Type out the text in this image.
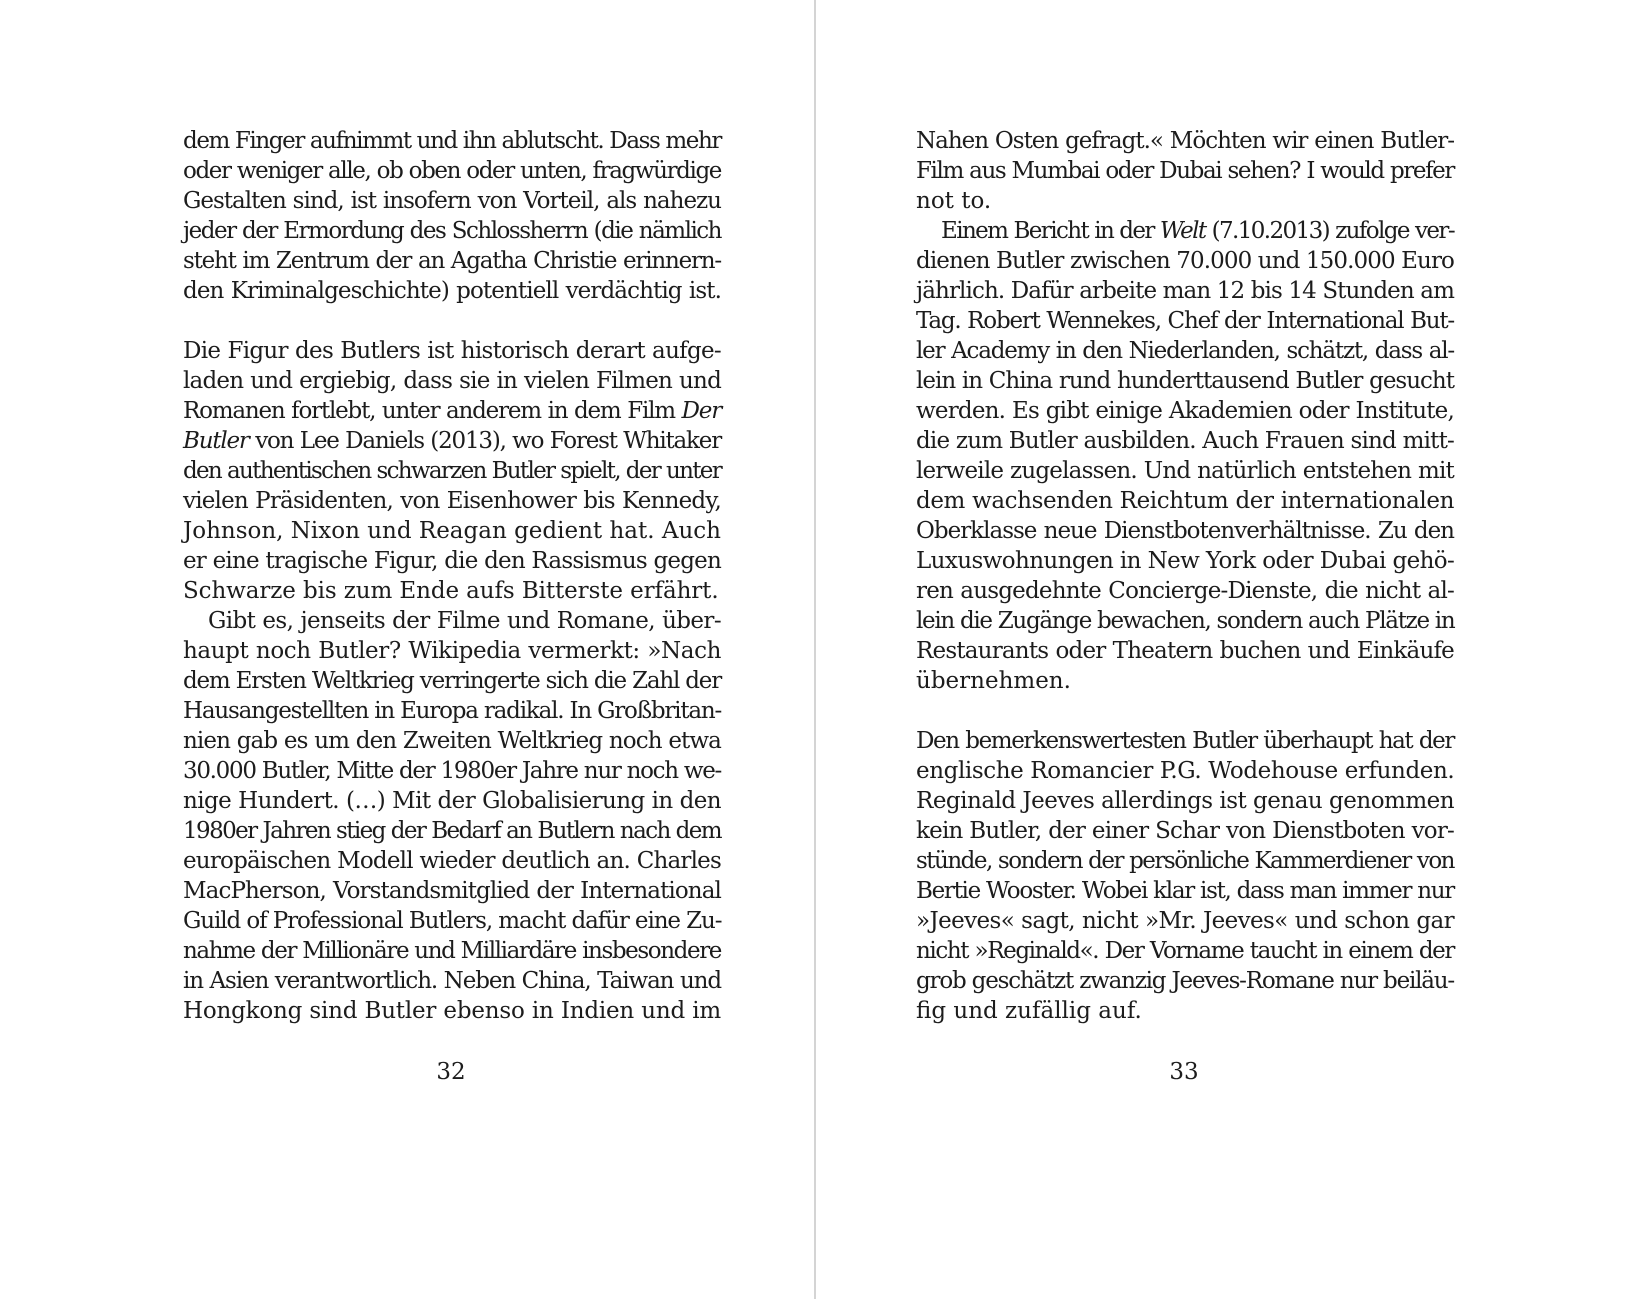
dem Finger aufnimmt und ihn ablutscht. Dass mehr
oder weniger alle, ob oben oder unten, fragwürdige
Gestalten sind, ist insofern von Vorteil, als nahezu
jeder der Ermordung des Schlossherrn (die nämlich
steht im Zentrum der an Agatha Christie erinnern-
den Kriminalgeschichte) potentiell verdächtig ist.
Die Figur des Butlers ist historisch derart aufge-
laden und ergiebig, dass sie in vielen Filmen und
Romanen fortlebt, unter anderem in dem Film Der
Butler von Lee Daniels (2013), wo Forest Whitaker
den authentischen schwarzen Butler spielt, der unter
vielen Präsidenten, von Eisenhower bis Kennedy,
Johnson, Nixon und Reagan gedient hat. Auch
er eine tragische Figur, die den Rassismus gegen
Schwarze bis zum Ende aufs Bitterste erfährt.
Gibt es, jenseits der Filme und Romane, über-
haupt noch Butler? Wikipedia vermerkt: »Nach
dem Ersten Weltkrieg verringerte sich die Zahl der
Hausangestellten in Europa radikal. In Großbritan-
nien gab es um den Zweiten Weltkrieg noch etwa
30.000 Butler, Mitte der 1980er Jahre nur noch we-
nige Hundert. (…) Mit der Globalisierung in den
1980er Jahren stieg der Bedarf an Butlern nach dem
europäischen Modell wieder deutlich an. Charles
MacPherson, Vorstandsmitglied der International
Guild of Professional Butlers, macht dafür eine Zu-
nahme der Millionäre und Milliardäre insbesondere
in Asien verantwortlich. Neben China, Taiwan und
Hongkong sind Butler ebenso in Indien und im
32
Nahen Osten gefragt.« Möchten wir einen Butler-
Film aus Mumbai oder Dubai sehen? I would prefer
not to.
Einem Bericht in der Welt (7.10.2013) zufolge ver-
dienen Butler zwischen 70.000 und 150.000 Euro
jährlich. Dafür arbeite man 12 bis 14 Stunden am
Tag. Robert Wennekes, Chef der International But-
ler Academy in den Niederlanden, schätzt, dass al-
lein in China rund hunderttausend Butler gesucht
werden. Es gibt einige Akademien oder Institute,
die zum Butler ausbilden. Auch Frauen sind mitt-
lerweile zugelassen. Und natürlich entstehen mit
dem wachsenden Reichtum der internationalen
Oberklasse neue Dienstbotenverhältnisse. Zu den
Luxuswohnungen in New York oder Dubai gehö-
ren ausgedehnte Concierge-Dienste, die nicht al-
lein die Zugänge bewachen, sondern auch Plätze in
Restaurants oder Theatern buchen und Einkäufe
übernehmen.
Den bemerkenswertesten Butler überhaupt hat der
englische Romancier P.G. Wodehouse erfunden.
Reginald Jeeves allerdings ist genau genommen
kein Butler, der einer Schar von Dienstboten vor-
stünde, sondern der persönliche Kammerdiener von
Bertie Wooster. Wobei klar ist, dass man immer nur
»Jeeves« sagt, nicht »Mr. Jeeves« und schon gar
nicht »Reginald«. Der Vorname taucht in einem der
grob geschätzt zwanzig Jeeves-Romane nur beiläu-
fig und zufällig auf.
33
